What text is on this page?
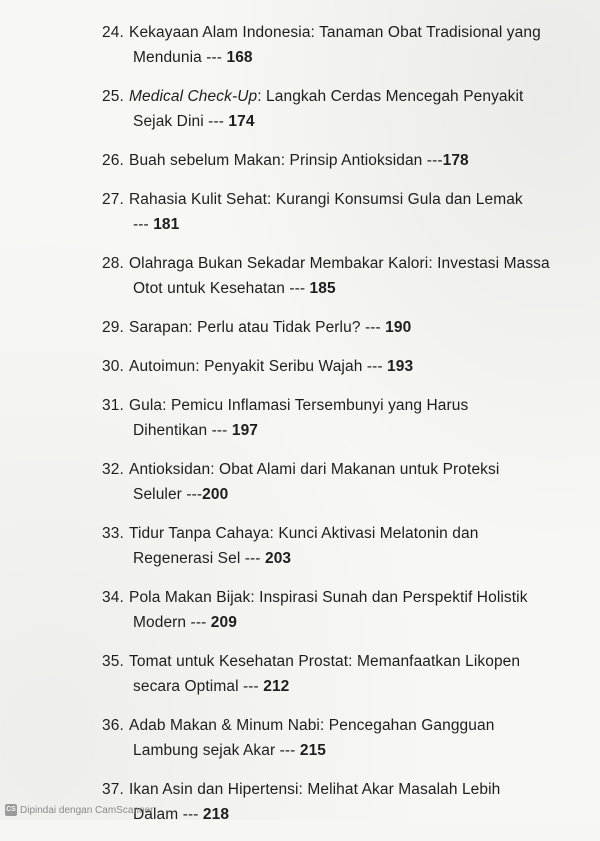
24. Kekayaan Alam Indonesia: Tanaman Obat Tradisional yang
Mendunia --- 168
25. Medical Check-Up: Langkah Cerdas Mencegah Penyakit
Sejak Dini --- 174
26. Buah sebelum Makan: Prinsip Antioksidan ---178
27. Rahasia Kulit Sehat: Kurangi Konsumsi Gula dan Lemak
--- 181
28. Olahraga Bukan Sekadar Membakar Kalori: Investasi Massa
Otot untuk Kesehatan --- 185
29. Sarapan: Perlu atau Tidak Perlu? --- 190
30. Autoimun: Penyakit Seribu Wajah --- 193
31. Gula: Pemicu Inflamasi Tersembunyi yang Harus
Dihentikan --- 197
32. Antioksidan: Obat Alami dari Makanan untuk Proteksi
Seluler ---200
33. Tidur Tanpa Cahaya: Kunci Aktivasi Melatonin dan
Regenerasi Sel --- 203
34. Pola Makan Bijak: Inspirasi Sunah dan Perspektif Holistik
Modern --- 209
35. Tomat untuk Kesehatan Prostat: Memanfaatkan Likopen
secara Optimal --- 212
36. Adab Makan & Minum Nabi: Pencegahan Gangguan
Lambung sejak Akar --- 215
37. Ikan Asin dan Hipertensi: Melihat Akar Masalah Lebih
Dalam --- 218
CS Dipindai dengan CamScanner
